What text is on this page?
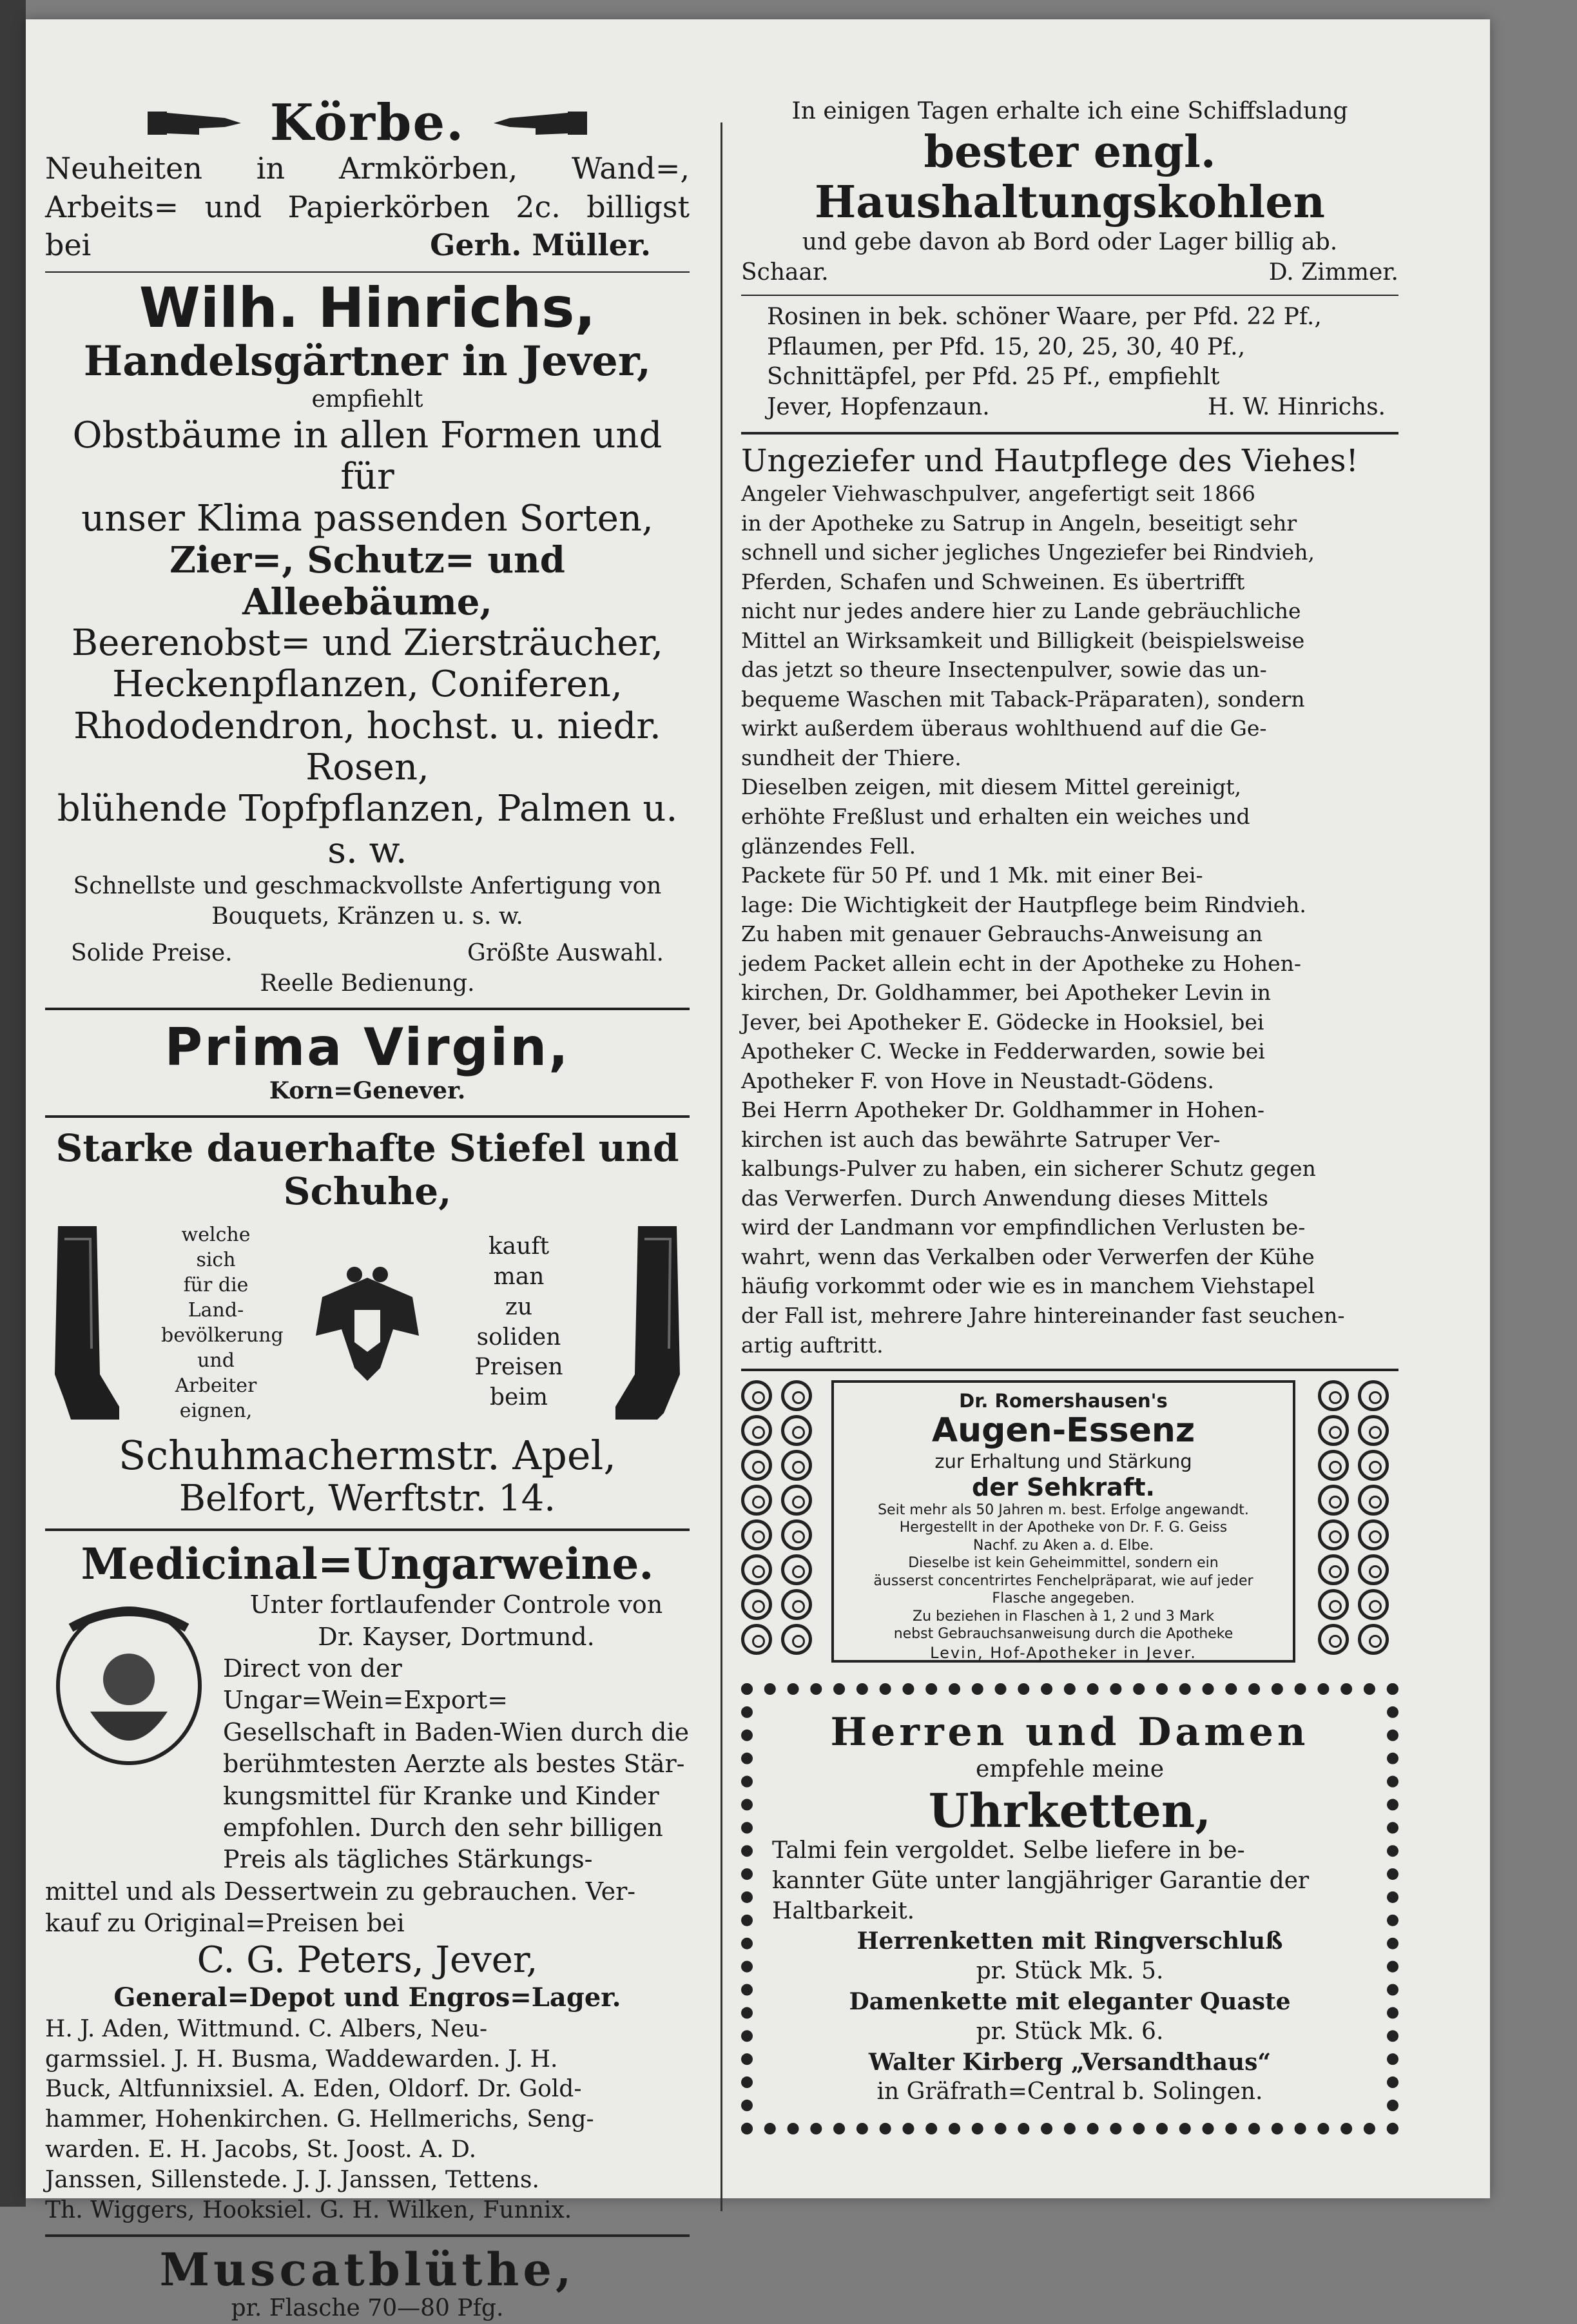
Körbe.

Neuheiten in Armkörben, Wand=,

Arbeits= und Papierkörben 2c. billigst

bei	Gerh. Müller.

Wilh. Hinrichs,

Handelsgärtner in Jever,

empfiehlt

Obstbäume in allen Formen und für

unser Klima passenden Sorten,

Zier=, Schutz= und Alleebäume,

Beerenobst= und Ziersträucher,

Heckenpflanzen, Coniferen,

Rhododendron, hochst. u. niedr. Rosen,

blühende Topfpflanzen, Palmen u. s. w.

Schnellste und geschmackvollste Anfertigung von

Bouquets, Kränzen u. s. w.

Solide Preise.	Größte Auswahl.

Reelle Bedienung.

Prima Virgin,

Korn=Genever.

Starke dauerhafte Stiefel und Schuhe,

welche sich
für die
Land-
bevölkerung
und
Arbeiter
eignen,
kauft man
zu
soliden
Preisen
beim

Schuhmachermstr. Apel,

Belfort, Werftstr. 14.

Medicinal=Ungarweine.

Unter fortlaufender Controle von

Dr. Kayser, Dortmund.

Direct von der Ungar=Wein=Export=

Gesellschaft in Baden-Wien durch die

berühmtesten Aerzte als bestes Stär-

kungsmittel für Kranke und Kinder

empfohlen. Durch den sehr billigen

Preis als tägliches Stärkungs-

mittel und als Dessertwein zu gebrauchen. Ver-

kauf zu Original=Preisen bei

C. G. Peters, Jever,

General=Depot und Engros=Lager.

H. J. Aden, Wittmund. C. Albers, Neu-

garmssiel. J. H. Busma, Waddewarden. J. H.

Buck, Altfunnixsiel. A. Eden, Oldorf. Dr. Gold-

hammer, Hohenkirchen. G. Hellmerichs, Seng-

warden. E. H. Jacobs, St. Joost. A. D.

Janssen, Sillenstede. J. J. Janssen, Tettens.

Th. Wiggers, Hooksiel. G. H. Wilken, Funnix.

Muscatblüthe,

pr. Flasche 70—80 Pfg.

In einigen Tagen erhalte ich eine Schiffsladung

bester engl. Haushaltungskohlen

und gebe davon ab Bord oder Lager billig ab.

Schaar.	D. Zimmer.

Rosinen in bek. schöner Waare, per Pfd. 22 Pf.,

Pflaumen, per Pfd. 15, 20, 25, 30, 40 Pf.,

Schnittäpfel, per Pfd. 25 Pf., empfiehlt

Jever, Hopfenzaun.	H. W. Hinrichs.

Ungeziefer und Hautpflege des Viehes!

Angeler Viehwaschpulver, angefertigt seit 1866

in der Apotheke zu Satrup in Angeln, beseitigt sehr

schnell und sicher jegliches Ungeziefer bei Rindvieh,

Pferden, Schafen und Schweinen. Es übertrifft

nicht nur jedes andere hier zu Lande gebräuchliche

Mittel an Wirksamkeit und Billigkeit (beispielsweise

das jetzt so theure Insectenpulver, sowie das un-

bequeme Waschen mit Taback-Präparaten), sondern

wirkt außerdem überaus wohlthuend auf die Ge-

sundheit der Thiere.

Dieselben zeigen, mit diesem Mittel gereinigt,

erhöhte Freßlust und erhalten ein weiches und

glänzendes Fell.

Packete für 50 Pf. und 1 Mk. mit einer Bei-

lage: Die Wichtigkeit der Hautpflege beim Rindvieh.

Zu haben mit genauer Gebrauchs-Anweisung an

jedem Packet allein echt in der Apotheke zu Hohen-

kirchen, Dr. Goldhammer, bei Apotheker Levin in

Jever, bei Apotheker E. Gödecke in Hooksiel, bei

Apotheker C. Wecke in Fedderwarden, sowie bei

Apotheker F. von Hove in Neustadt-Gödens.

Bei Herrn Apotheker Dr. Goldhammer in Hohen-

kirchen ist auch das bewährte Satruper Ver-

kalbungs-Pulver zu haben, ein sicherer Schutz gegen

das Verwerfen. Durch Anwendung dieses Mittels

wird der Landmann vor empfindlichen Verlusten be-

wahrt, wenn das Verkalben oder Verwerfen der Kühe

häufig vorkommt oder wie es in manchem Viehstapel

der Fall ist, mehrere Jahre hintereinander fast seuchen-

artig auftritt.

Dr. Romershausen's

Augen-Essenz

zur Erhaltung und Stärkung

der Sehkraft.

Seit mehr als 50 Jahren m. best. Erfolge angewandt.

Hergestellt in der Apotheke von Dr. F. G. Geiss

Nachf. zu Aken a. d. Elbe.

Dieselbe ist kein Geheimmittel, sondern ein

äusserst concentrirtes Fenchelpräparat, wie auf jeder

Flasche angegeben.

Zu beziehen in Flaschen à 1, 2 und 3 Mark

nebst Gebrauchsanweisung durch die Apotheke

Levin, Hof-Apotheker in Jever.

Herren und Damen

empfehle meine

Uhrketten,

Talmi fein vergoldet. Selbe liefere in be-

kannter Güte unter langjähriger Garantie der

Haltbarkeit.

Herrenketten mit Ringverschluß

pr. Stück Mk. 5.

Damenkette mit eleganter Quaste

pr. Stück Mk. 6.

Walter Kirberg „Versandthaus“

in Gräfrath=Central b. Solingen.
